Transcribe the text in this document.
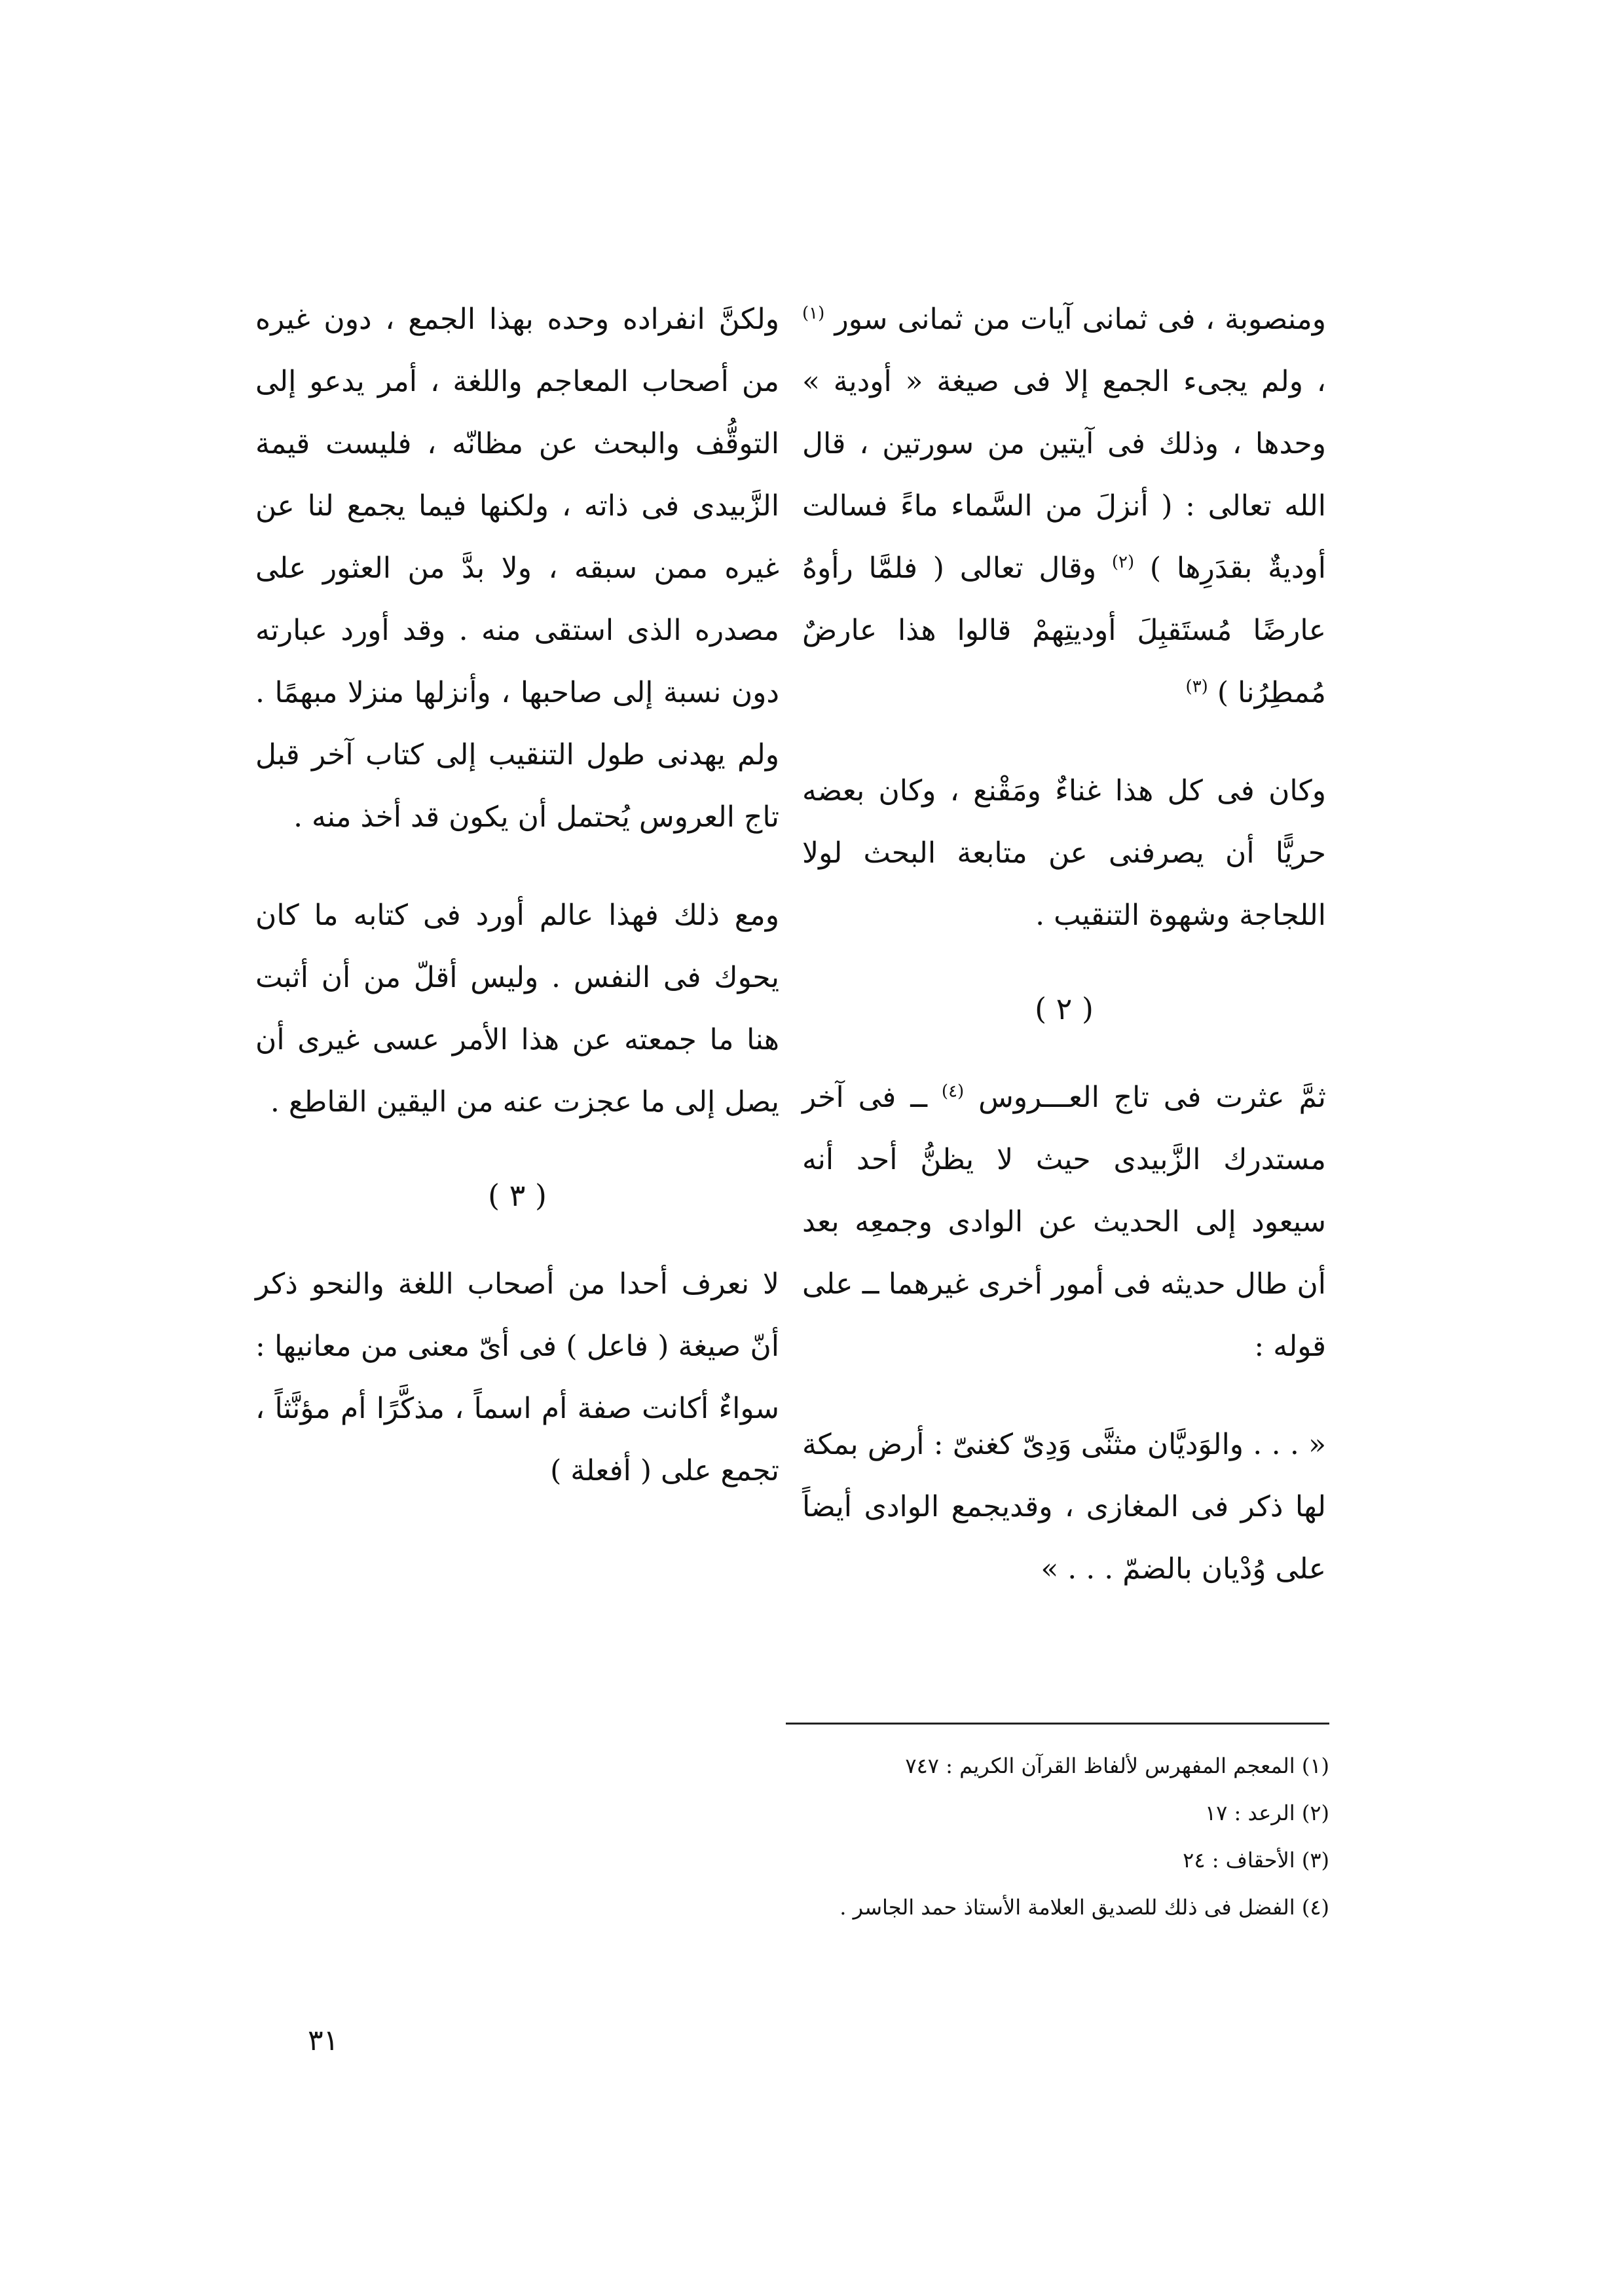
ومنصوبة ، فى ثمانى آيات من ثمانى سور $^{(١)}$ ، ولم يجىء الجمع إلا فى صيغة « أودية » وحدها ، وذلك فى آيتين من سورتين ، قال الله تعالى : ( أنزلَ من السَّماء ماءً فسالت أوديةٌ بقدَرِها ) $^{(٢)}$ وقال تعالى ( فلمَّا رأوهُ عارضًا مُستَقبِلَ أوديتِهمْ قالوا هذا عارضٌ مُمطِرُنا ) $^{(٣)}$

وكان فى كل هذا غناءٌ ومَقْنع ، وكان بعضه حريًّا أن يصرفنى عن متابعة البحث لولا اللجاجة وشهوة التنقيب .

( ٢ )

ثمَّ عثرت فى تاج العـــروس $^{(٤)}$ ــ فى آخر مستدرك الزَّبيدى حيث لا يظنُّ أحد أنه سيعود إلى الحديث عن الوادى وجمعِه بعد أن طال حديثه فى أمور أخرى غيرهما ــ على قوله :

« . . . والوَديَّان مثنَّى وَدِىّ كغنىّ : أرض بمكة لها ذكر فى المغازى ، وقديجمع الوادى أيضاً على وُدْيان بالضمّ . . . »

ولكنَّ انفراده وحده بهذا الجمع ، دون غيره من أصحاب المعاجم واللغة ، أمر يدعو إلى التوقُّف والبحث عن مظانّه ، فليست قيمة الزَّبيدى فى ذاته ، ولكنها فيما يجمع لنا عن غيره ممن سبقه ، ولا بدَّ من العثور على مصدره الذى استقى منه . وقد أورد عبارته دون نسبة إلى صاحبها ، وأنزلها منزلا مبهمًا . ولم يهدنى طول التنقيب إلى كتاب آخر قبل تاج العروس يُحتمل أن يكون قد أخذ منه .

ومع ذلك فهذا عالم أورد فى كتابه ما كان يحوك فى النفس . وليس أقلّ من أن أثبت هنا ما جمعته عن هذا الأمر عسى غيرى أن يصل إلى ما عجزت عنه من اليقين القاطع .

( ٣ )

لا نعرف أحدا من أصحاب اللغة والنحو ذكر أنّ صيغة ( فاعل ) فى أىّ معنى من معانيها : سواءٌ أكانت صفة أم اسماً ، مذكَّرًا أم مؤنَّثاً ، تجمع على ( أفعلة )

(١) المعجم المفهرس لألفاظ القرآن الكريم : ٧٤٧

(٢) الرعد : ١٧

(٣) الأحقاف : ٢٤

(٤) الفضل فى ذلك للصديق العلامة الأستاذ حمد الجاسر .

٣١
